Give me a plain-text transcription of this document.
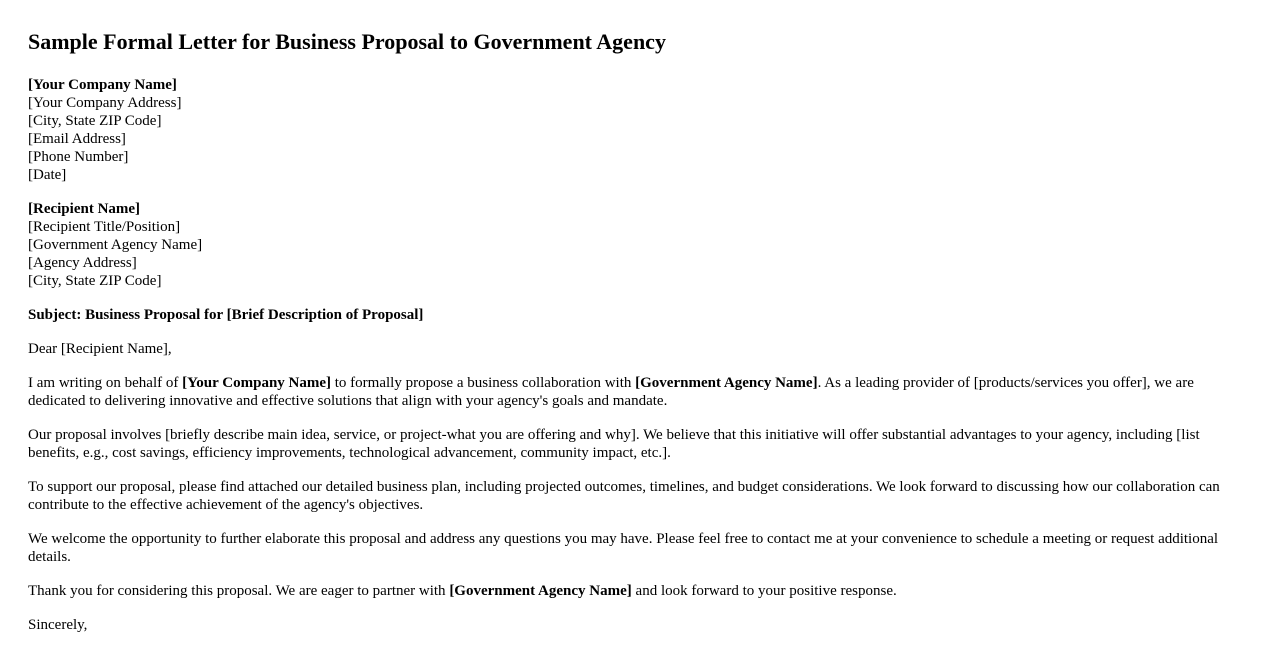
Sample Formal Letter for Business Proposal to Government Agency
[Your Company Name]
[Your Company Address]
[City, State ZIP Code]
[Email Address]
[Phone Number]
[Date]
[Recipient Name]
[Recipient Title/Position]
[Government Agency Name]
[Agency Address]
[City, State ZIP Code]

Subject: Business Proposal for [Brief Description of Proposal]

Dear [Recipient Name],

I am writing on behalf of [Your Company Name] to formally propose a business collaboration with [Government Agency Name]. As a leading provider of [products/services you offer], we are dedicated to delivering innovative and effective solutions that align with your agency's goals and mandate.

Our proposal involves [briefly describe main idea, service, or project-what you are offering and why]. We believe that this initiative will offer substantial advantages to your agency, including [list benefits, e.g., cost savings, efficiency improvements, technological advancement, community impact, etc.].

To support our proposal, please find attached our detailed business plan, including projected outcomes, timelines, and budget considerations. We look forward to discussing how our collaboration can contribute to the effective achievement of the agency's objectives.

We welcome the opportunity to further elaborate this proposal and address any questions you may have. Please feel free to contact me at your convenience to schedule a meeting or request additional details.

Thank you for considering this proposal. We are eager to partner with [Government Agency Name] and look forward to your positive response.

Sincerely,
